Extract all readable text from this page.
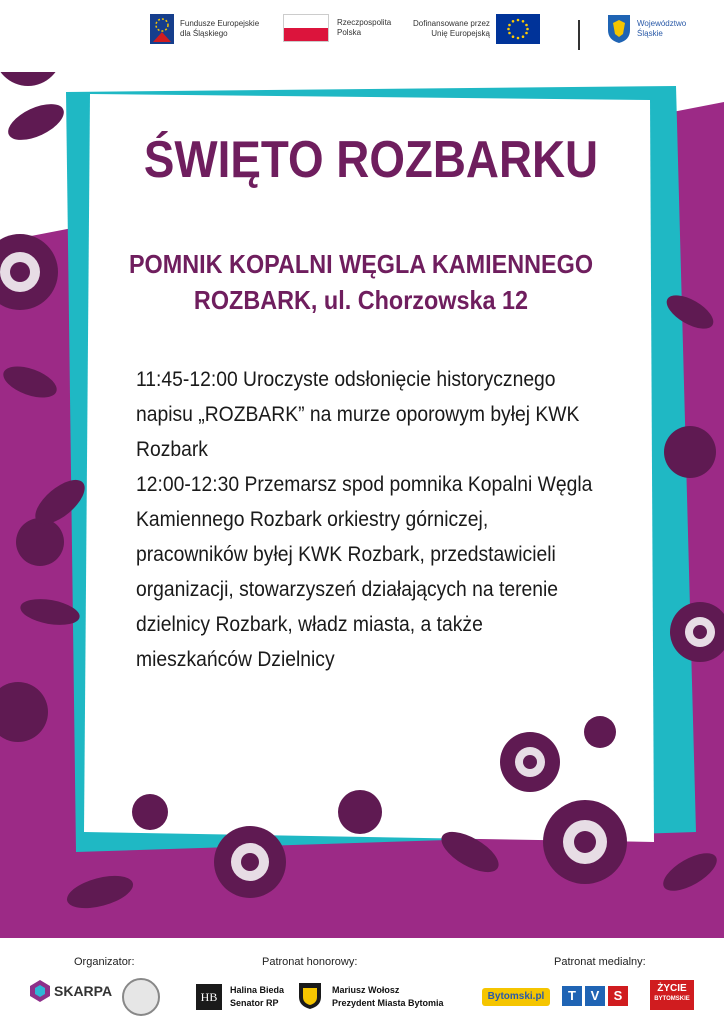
Fundusze Europejskie
dla Śląskiego
Rzeczpospolita
Polska
Dofinansowane przez
Unię Europejską
Województwo
Śląskie
ŚWIĘTO ROZBARKU
POMNIK KOPALNI WĘGLA KAMIENNEGO
ROZBARK, ul. Chorzowska 12

11:45-12:00 Uroczyste odsłonięcie historycznego napisu „ROZBARK” na murze oporowym byłej KWK Rozbark

12:00-12:30 Przemarsz spod pomnika Kopalni Węgla Kamiennego Rozbark orkiestry górniczej, pracowników byłej KWK Rozbark, przedstawicieli organizacji, stowarzyszeń działających na terenie dzielnicy Rozbark, władz miasta, a także mieszkańców Dzielnicy

Organizator:	Patronat honorowy:	Patronat medialny:
SKARPA	HB	Halina Bieda
Senator RP
Mariusz Wołosz
Prezydent Miasta Bytomia
Bytomski.pl	T	V	S	ŻYCIE
BYTOMSKIE
